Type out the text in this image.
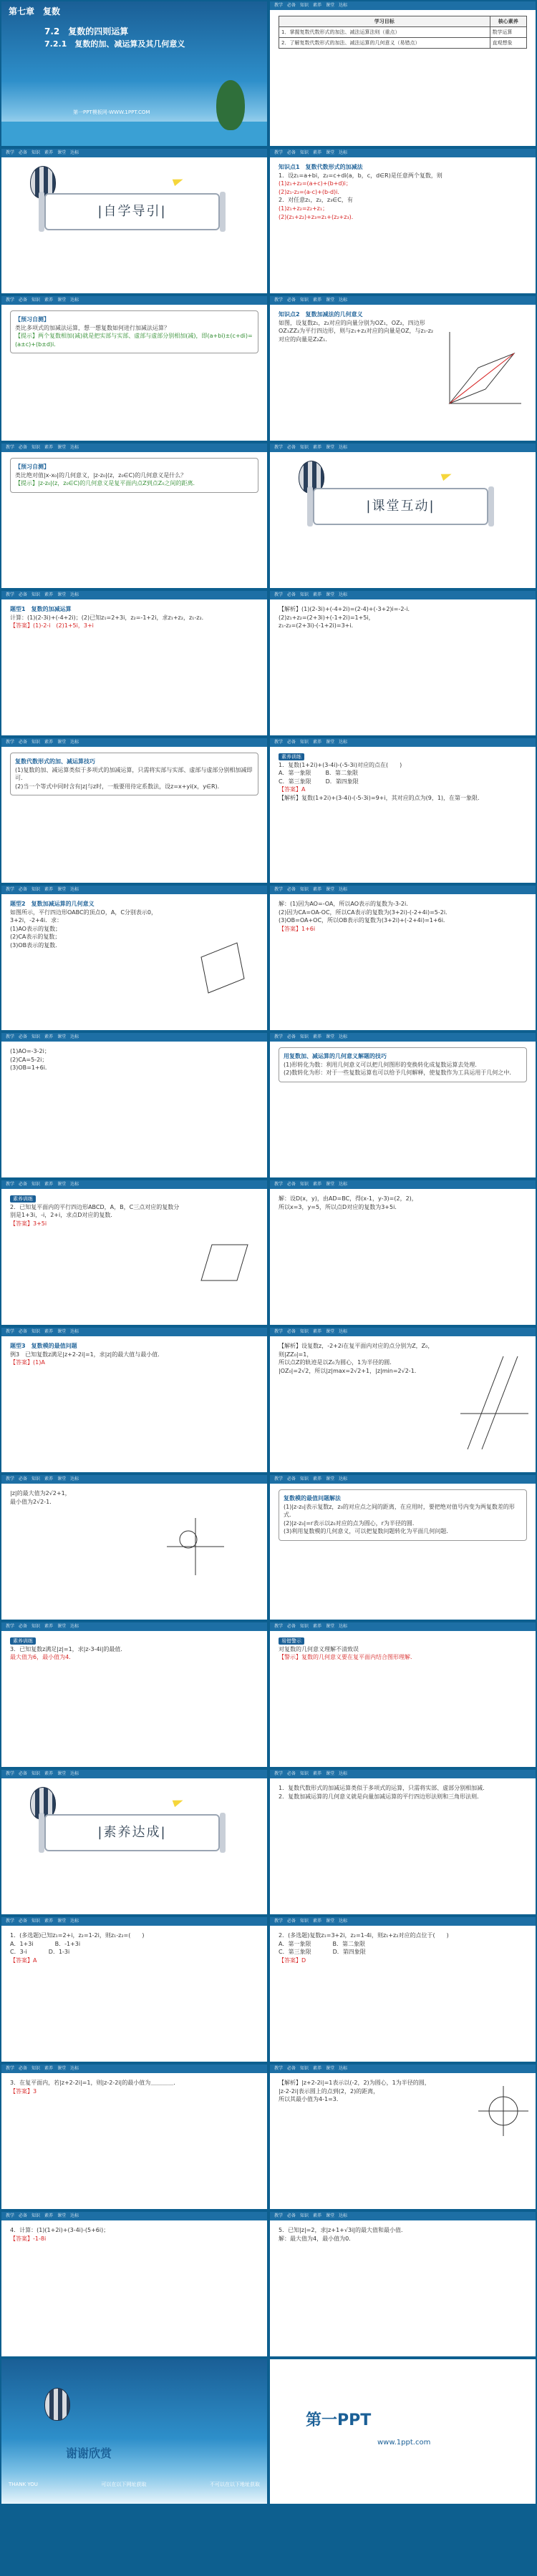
第七章　复数
7.2　复数的四则运算
7.2.1　复数的加、减运算及其几何意义
第一PPT模板网-WWW.1PPT.COM
教学 必备 知识 素养 课堂 达标
学习目标	核心素养
1．掌握复数代数形式的加法、减法运算法则（重点）	数学运算
2．了解复数代数形式的加法、减法运算的几何意义（易错点）	直观想象
教学 必备 知识 素养 课堂 达标
|自学导引|
教学 必备 知识 素养 课堂 达标
知识点1　复数代数形式的加减法
1．设z₁=a+bi，z₂=c+di(a，b，c，d∈R)是任意两个复数，则
(1)z₁+z₂=(a+c)+(b+d)i；
(2)z₁-z₂=(a-c)+(b-d)i．
2．对任意z₁，z₂，z₃∈C，有
(1)z₁+z₂=z₂+z₁；
(2)(z₁+z₂)+z₃=z₁+(z₂+z₃)．
教学 必备 知识 素养 课堂 达标
【预习自测】
类比多项式的加减法运算，想一想复数如何进行加减法运算？
【提示】两个复数相加(减)就是把实部与实部、虚部与虚部分别相加(减)，即(a+bi)±(c+di)=(a±c)+(b±d)i．
教学 必备 知识 素养 课堂 达标
知识点2　复数加减法的几何意义
如图，设复数z₁，z₂对应的向量分别为OZ₁，OZ₂，四边形OZ₁ZZ₂为平行四边形，则与z₁+z₂对应的向量是OZ，与z₁-z₂对应的向量是Z₂Z₁．
教学 必备 知识 素养 课堂 达标
【预习自测】
类比绝对值|x-x₀|的几何意义，|z-z₀|(z，z₀∈C)的几何意义是什么？
【提示】|z-z₀|(z，z₀∈C)的几何意义是复平面内点Z到点Z₀之间的距离．
教学 必备 知识 素养 课堂 达标
|课堂互动|
教学 必备 知识 素养 课堂 达标
题型1　复数的加减运算
计算：(1)(2-3i)+(-4+2i)；(2)已知z₁=2+3i，z₂=-1+2i，求z₁+z₂，z₁-z₂．
【答案】(1)-2-i　(2)1+5i，3+i
教学 必备 知识 素养 课堂 达标
【解析】(1)(2-3i)+(-4+2i)=(2-4)+(-3+2)i=-2-i．
(2)z₁+z₂=(2+3i)+(-1+2i)=1+5i，
z₁-z₂=(2+3i)-(-1+2i)=3+i．
教学 必备 知识 素养 课堂 达标
复数代数形式的加、减运算技巧
(1)复数的加、减运算类似于多项式的加减运算，只需将实部与实部、虚部与虚部分别相加减即可．
(2)当一个等式中同时含有|z|与z时，一般要用待定系数法，设z=x+yi(x，y∈R)．
教学 必备 知识 素养 课堂 达标
素养训练
1．复数(1+2i)+(3-4i)-(-5-3i)对应的点在(　　)
A．第一象限	B．第二象限
C．第三象限	D．第四象限
【答案】A
【解析】复数(1+2i)+(3-4i)-(-5-3i)=9+i，其对应的点为(9，1)，在第一象限．
教学 必备 知识 素养 课堂 达标
题型2　复数加减运算的几何意义
如图所示，平行四边形OABC的顶点O，A，C分别表示0，3+2i，-2+4i．求：
(1)AO表示的复数；
(2)CA表示的复数；
(3)OB表示的复数．
教学 必备 知识 素养 课堂 达标
解：(1)因为AO=-OA，所以AO表示的复数为-3-2i．
(2)因为CA=OA-OC，所以CA表示的复数为(3+2i)-(-2+4i)=5-2i．
(3)OB=OA+OC，所以OB表示的复数为(3+2i)+(-2+4i)=1+6i．
【答案】1+6i
教学 必备 知识 素养 课堂 达标
(1)AO=-3-2i；
(2)CA=5-2i；
(3)OB=1+6i．
教学 必备 知识 素养 课堂 达标
用复数加、减运算的几何意义解题的技巧
(1)形转化为数：利用几何意义可以把几何图形的变换转化成复数运算去处理．
(2)数转化为形：对于一些复数运算也可以给予几何解释，使复数作为工具运用于几何之中．
教学 必备 知识 素养 课堂 达标
素养训练
2．已知复平面内的平行四边形ABCD，A，B，C三点对应的复数分别是1+3i，-i，2+i，求点D对应的复数．
【答案】3+5i
教学 必备 知识 素养 课堂 达标
解：设D(x，y)，由AD=BC，得(x-1，y-3)=(2，2)，
所以x=3，y=5，所以点D对应的复数为3+5i．
教学 必备 知识 素养 课堂 达标
题型3　复数模的最值问题
例3　已知复数z满足|z+2-2i|=1，求|z|的最大值与最小值．
【答案】(1)A
教学 必备 知识 素养 课堂 达标
【解析】设复数z，-2+2i在复平面内对应的点分别为Z，Z₀，则|ZZ₀|=1，
所以点Z的轨迹是以Z₀为圆心，1为半径的圆．
|OZ₀|=2√2，所以|z|max=2√2+1，|z|min=2√2-1．
教学 必备 知识 素养 课堂 达标
|z|的最大值为2√2+1，
最小值为2√2-1．
教学 必备 知识 素养 课堂 达标
复数模的最值问题解法
(1)|z-z₀|表示复数z，z₀的对应点之间的距离，在应用时，要把绝对值号内变为两复数差的形式．
(2)|z-z₀|=r表示以z₀对应的点为圆心，r为半径的圆．
(3)利用复数模的几何意义，可以把复数问题转化为平面几何问题．
教学 必备 知识 素养 课堂 达标
素养训练
3．已知复数z满足|z|=1，求|z-3-4i|的最值．
最大值为6，最小值为4．
教学 必备 知识 素养 课堂 达标
易错警示
对复数的几何意义理解不清致误
【警示】复数的几何意义要在复平面内结合图形理解．
教学 必备 知识 素养 课堂 达标
|素养达成|
教学 必备 知识 素养 课堂 达标
1．复数代数形式的加减运算类似于多项式的运算，只需将实部、虚部分别相加减．
2．复数加减运算的几何意义就是向量加减运算的平行四边形法则和三角形法则．
教学 必备 知识 素养 课堂 达标
1．(多选题)已知z₁=2+i，z₂=1-2i，则z₁-z₂=(　　)
A．1+3i	B．-1+3i
C．3-i	D．1-3i
【答案】A
教学 必备 知识 素养 课堂 达标
2．(多选题)复数z₁=3+2i，z₂=1-4i，则z₁+z₂对应的点位于(　　)
A．第一象限	B．第二象限
C．第三象限	D．第四象限
【答案】D
教学 必备 知识 素养 课堂 达标
3．在复平面内，若|z+2-2i|=1，则|z-2-2i|的最小值为＿＿＿＿．
【答案】3
教学 必备 知识 素养 课堂 达标
【解析】|z+2-2i|=1表示以(-2，2)为圆心，1为半径的圆，
|z-2-2i|表示圆上的点到(2，2)的距离，
所以其最小值为4-1=3．
教学 必备 知识 素养 课堂 达标
4．计算：(1)(1+2i)+(3-4i)-(5+6i)；
【答案】-1-8i
教学 必备 知识 素养 课堂 达标
5．已知|z|=2，求|z+1+√3i|的最大值和最小值．
解：最大值为4，最小值为0．
谢谢欣赏
THANK YOU	可以在以下网址获取	不可以在以下地址获取
第一PPT
www.1ppt.com
